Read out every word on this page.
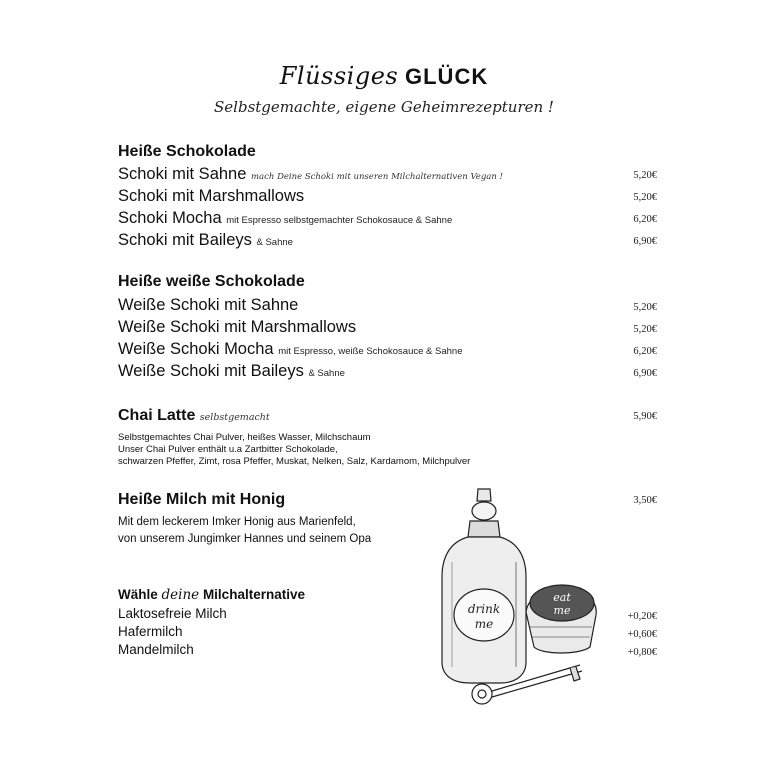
Flüssiges GLÜCK
Selbstgemachte, eigene Geheimrezepturen !
Heiße Schokolade
Schoki mit Sahne mach Deine Schoki mit unseren Milchalternativen Vegan !	5,20€
Schoki mit Marshmallows	5,20€
Schoki Mocha mit Espresso selbstgemachter Schokosauce & Sahne	6,20€
Schoki mit Baileys & Sahne	6,90€
Heiße weiße Schokolade
Weiße Schoki mit Sahne	5,20€
Weiße Schoki mit Marshmallows	5,20€
Weiße Schoki Mocha mit Espresso, weiße Schokosauce & Sahne	6,20€
Weiße Schoki mit Baileys & Sahne	6,90€
Chai Latte selbstgemacht	5,90€
Selbstgemachtes Chai Pulver, heißes Wasser, Milchschaum
Unser Chai Pulver enthält u.a Zartbitter Schokolade,
schwarzen Pfeffer, Zimt, rosa Pfeffer, Muskat, Nelken, Salz, Kardamom, Milchpulver
Heiße Milch mit Honig	3,50€
Mit dem leckerem Imker Honig aus Marienfeld,
von unserem Jungimker Hannes und seinem Opa
Wähle deine Milchalternative
Laktosefreie Milch	+0,20€
Hafermilch	+0,60€
Mandelmilch	+0,80€
drink
me
eat
me
